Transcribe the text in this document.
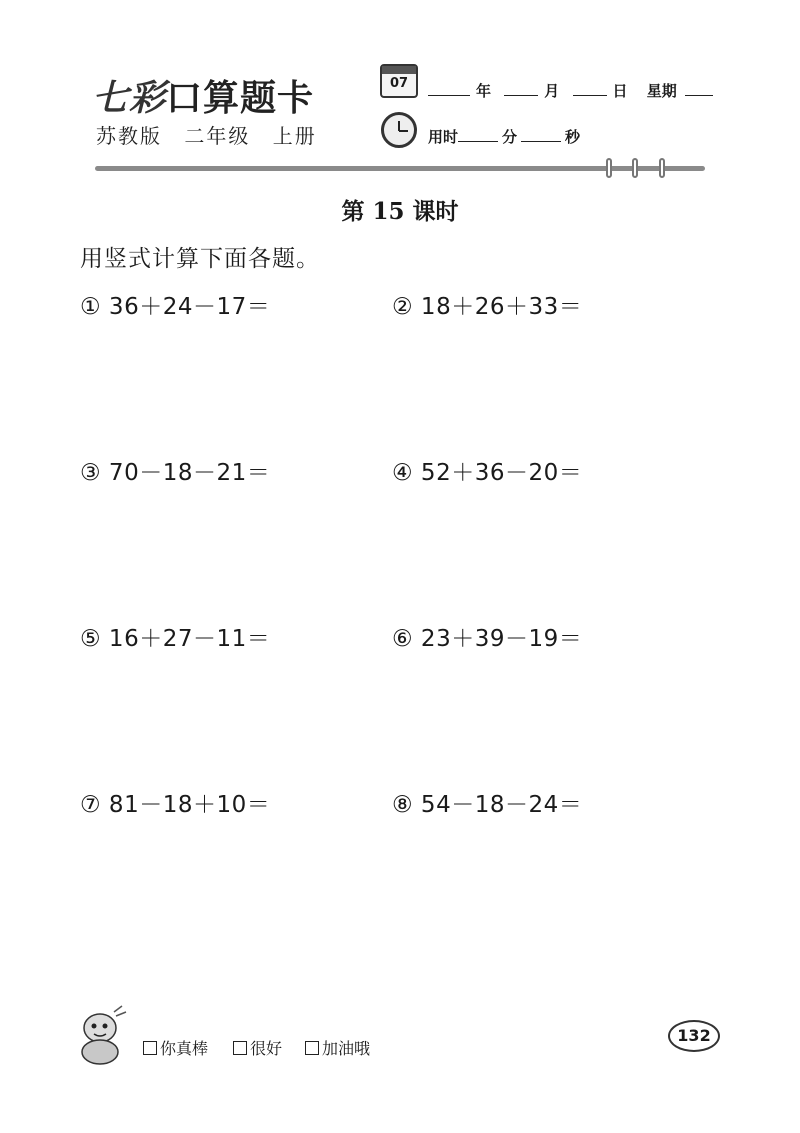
七彩口算题卡
苏教版 二年级 上册
07	年	月	日 星期
用时	分	秒
第 15 课时
用竖式计算下面各题。
① 36＋24－17＝	② 18＋26＋33＝
③ 70－18－21＝	④ 52＋36－20＝
⑤ 16＋27－11＝	⑥ 23＋39－19＝
⑦ 81－18＋10＝	⑧ 54－18－24＝
你真棒	很好	加油哦
132
